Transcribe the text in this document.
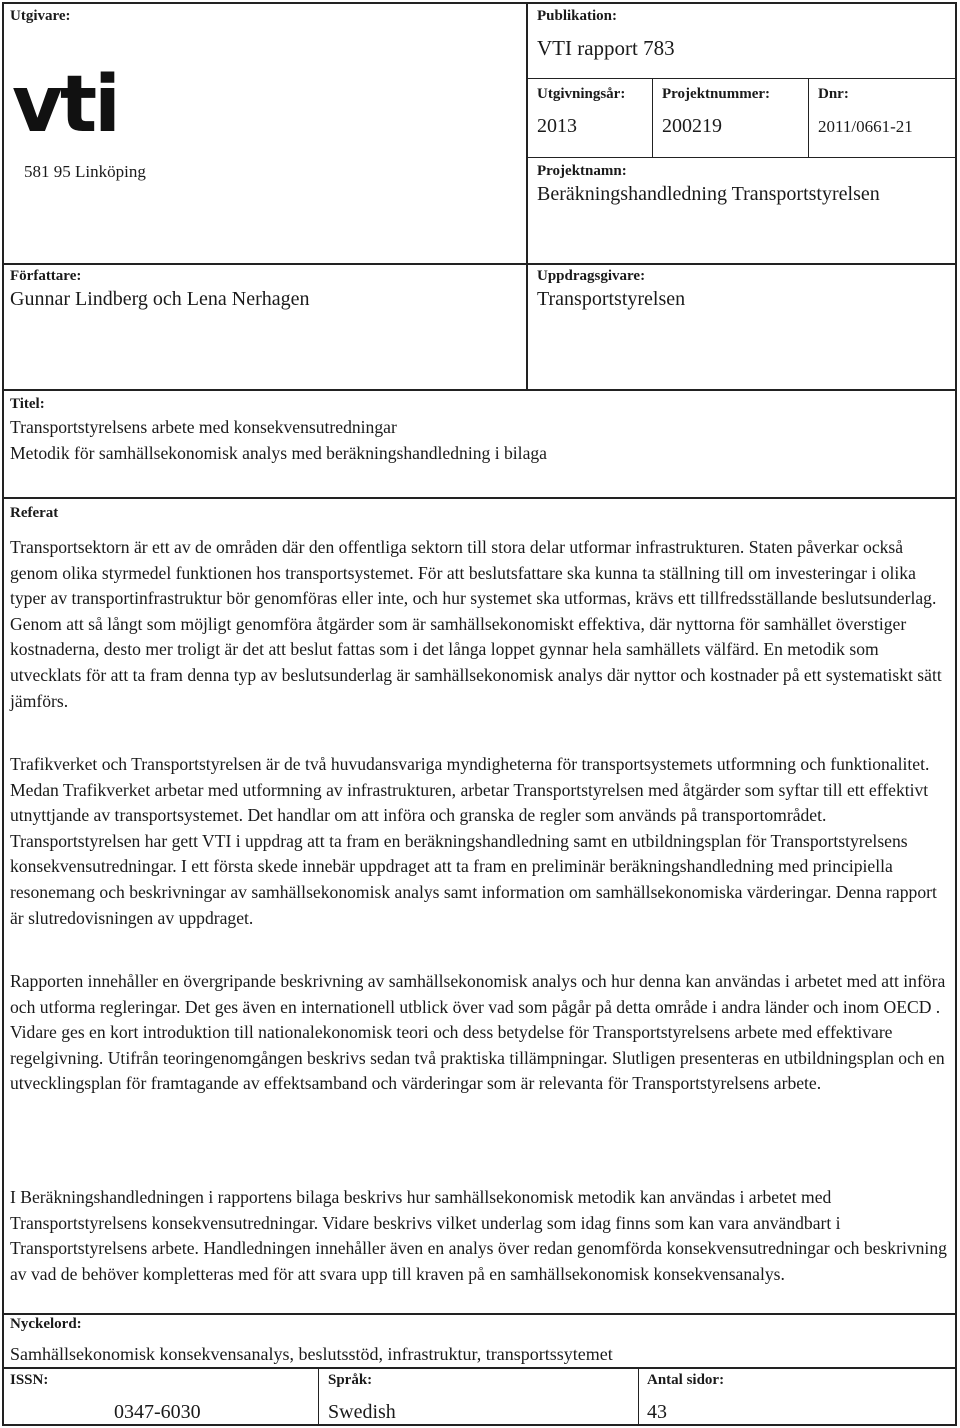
Utgivare:
vti
581 95 Linköping
Publikation:
VTI rapport 783
Utgivningsår:
2013
Projektnummer:
200219
Dnr:
2011/0661-21
Projektnamn:
Beräkningshandledning Transportstyrelsen
Författare:
Gunnar Lindberg och Lena Nerhagen
Uppdragsgivare:
Transportstyrelsen
Titel:
Transportstyrelsens arbete med konsekvensutredningar
Metodik för samhällsekonomisk analys med beräkningshandledning i bilaga
Referat

Transportsektorn är ett av de områden där den offentliga sektorn till stora delar utformar infrastrukturen. Staten påverkar också genom olika styrmedel funktionen hos transportsystemet. För att beslutsfattare ska kunna ta ställning till om investeringar i olika typer av transportinfrastruktur bör genomföras eller inte, och hur systemet ska utformas, krävs ett tillfredsställande beslutsunderlag. Genom att så långt som möjligt genomföra åtgärder som är samhällsekonomiskt effektiva, där nyttorna för samhället överstiger kostnaderna, desto mer troligt är det att beslut fattas som i det långa loppet gynnar hela samhällets välfärd. En metodik som utvecklats för att ta fram denna typ av beslutsunderlag är samhällsekonomisk analys där nyttor och kostnader på ett systematiskt sätt jämförs.

Trafikverket och Transportstyrelsen är de två huvudansvariga myndigheterna för transportsystemets utformning och funktionalitet. Medan Trafikverket arbetar med utformning av infrastrukturen, arbetar Transportstyrelsen med åtgärder som syftar till ett effektivt utnyttjande av transportsystemet. Det handlar om att införa och granska de regler som används på transportområdet. Transportstyrelsen har gett VTI i uppdrag att ta fram en beräkningshandledning samt en utbildningsplan för Transportstyrelsens konsekvensutredningar. I ett första skede innebär uppdraget att ta fram en preliminär beräkningshandledning med principiella resonemang och beskrivningar av samhällsekonomisk analys samt information om samhällsekonomiska värderingar. Denna rapport är slutredovisningen av uppdraget.

Rapporten innehåller en övergripande beskrivning av samhällsekonomisk analys och hur denna kan användas i arbetet med att införa och utforma regleringar. Det ges även en internationell utblick över vad som pågår på detta område i andra länder och inom OECD . Vidare ges en kort introduktion till nationalekonomisk teori och dess betydelse för Transportstyrelsens arbete med effektivare regelgivning. Utifrån teoringenomgången beskrivs sedan två praktiska tillämpningar. Slutligen presenteras en utbildningsplan och en utvecklingsplan för framtagande av effektsamband och värderingar som är relevanta för Transportstyrelsens arbete.

I Beräkningshandledningen i rapportens bilaga beskrivs hur samhällsekonomisk metodik kan användas i arbetet med Transportstyrelsens konsekvensutredningar. Vidare beskrivs vilket underlag som idag finns som kan vara användbart i Transportstyrelsens arbete. Handledningen innehåller även en analys över redan genomförda konsekvensutredningar och beskrivning av vad de behöver kompletteras med för att svara upp till kraven på en samhällsekonomisk konsekvensanalys.

Nyckelord:
Samhällsekonomisk konsekvensanalys, beslutsstöd, infrastruktur, transportssytemet
ISSN:
0347-6030
Språk:
Swedish
Antal sidor:
43
